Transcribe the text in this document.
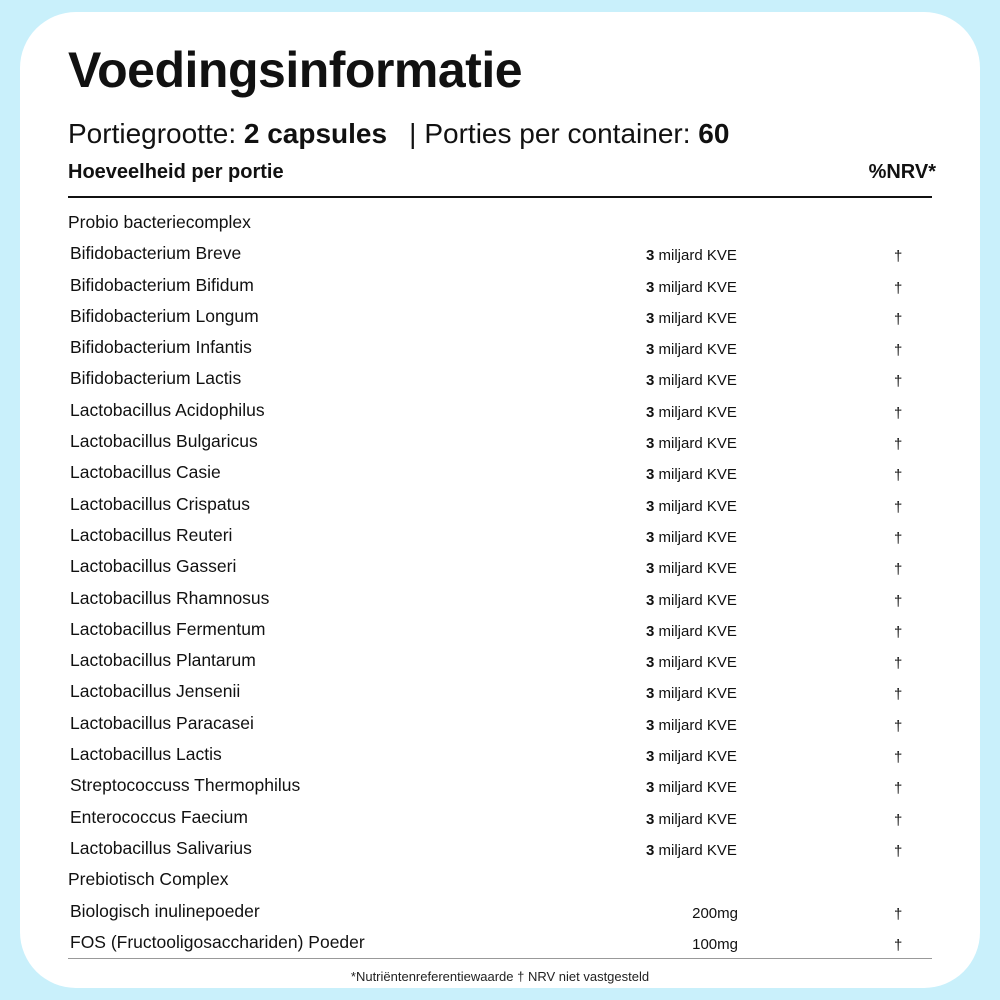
Voedingsinformatie
Portiegrootte: 2 capsules | Porties per container: 60
Hoeveelheid per portie	%NRV*
Probio bacteriecomplex
Bifidobacterium Breve	3 miljard KVE	†
Bifidobacterium Bifidum	3 miljard KVE	†
Bifidobacterium Longum	3 miljard KVE	†
Bifidobacterium Infantis	3 miljard KVE	†
Bifidobacterium Lactis	3 miljard KVE	†
Lactobacillus Acidophilus	3 miljard KVE	†
Lactobacillus Bulgaricus	3 miljard KVE	†
Lactobacillus Casie	3 miljard KVE	†
Lactobacillus Crispatus	3 miljard KVE	†
Lactobacillus Reuteri	3 miljard KVE	†
Lactobacillus Gasseri	3 miljard KVE	†
Lactobacillus Rhamnosus	3 miljard KVE	†
Lactobacillus Fermentum	3 miljard KVE	†
Lactobacillus Plantarum	3 miljard KVE	†
Lactobacillus Jensenii	3 miljard KVE	†
Lactobacillus Paracasei	3 miljard KVE	†
Lactobacillus Lactis	3 miljard KVE	†
Streptococcuss Thermophilus	3 miljard KVE	†
Enterococcus Faecium	3 miljard KVE	†
Lactobacillus Salivarius	3 miljard KVE	†
Prebiotisch Complex
Biologisch inulinepoeder	200mg	†
FOS (Fructooligosacchariden) Poeder	100mg	†
*Nutriëntenreferentiewaarde † NRV niet vastgesteld
